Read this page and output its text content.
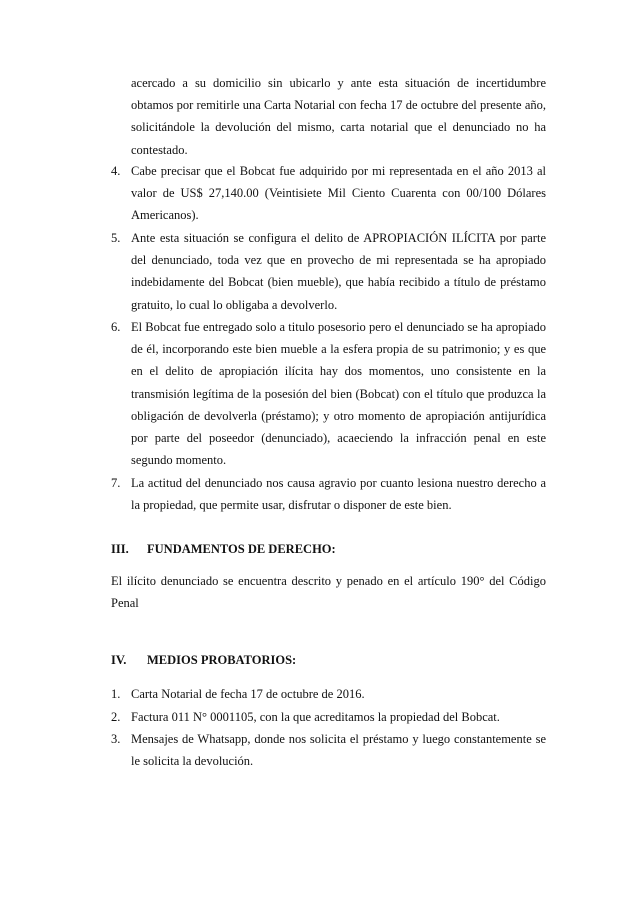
acercado a su domicilio sin ubicarlo y ante esta situación de incertidumbre obtamos por remitirle una Carta Notarial con fecha 17 de octubre del presente año, solicitándole la devolución del mismo, carta notarial que el denunciado no ha contestado.

4. Cabe precisar que el Bobcat fue adquirido por mi representada en el año 2013 al valor de US$ 27,140.00 (Veintisiete Mil Ciento Cuarenta con 00/100 Dólares Americanos).
5. Ante esta situación se configura el delito de APROPIACIÓN ILÍCITA por parte del denunciado, toda vez que en provecho de mi representada se ha apropiado indebidamente del Bobcat (bien mueble), que había recibido a título de préstamo gratuito, lo cual lo obligaba a devolverlo.
6. El Bobcat fue entregado solo a titulo posesorio pero el denunciado se ha apropiado de él, incorporando este bien mueble a la esfera propia de su patrimonio; y es que en el delito de apropiación ilícita hay dos momentos, uno consistente en la transmisión legítima de la posesión del bien (Bobcat) con el título que produzca la obligación de devolverla (préstamo); y otro momento de apropiación antijurídica por parte del poseedor (denunciado), acaeciendo la infracción penal en este segundo momento.
7. La actitud del denunciado nos causa agravio por cuanto lesiona nuestro derecho a la propiedad, que permite usar, disfrutar o disponer de este bien.
III. FUNDAMENTOS DE DERECHO:

El ilícito denunciado se encuentra descrito y penado en el artículo 190° del Código Penal

IV. MEDIOS PROBATORIOS:
1. Carta Notarial de fecha 17 de octubre de 2016.
2. Factura 011 N° 0001105, con la que acreditamos la propiedad del Bobcat.
3. Mensajes de Whatsapp, donde nos solicita el préstamo y luego constantemente se le solicita la devolución.
